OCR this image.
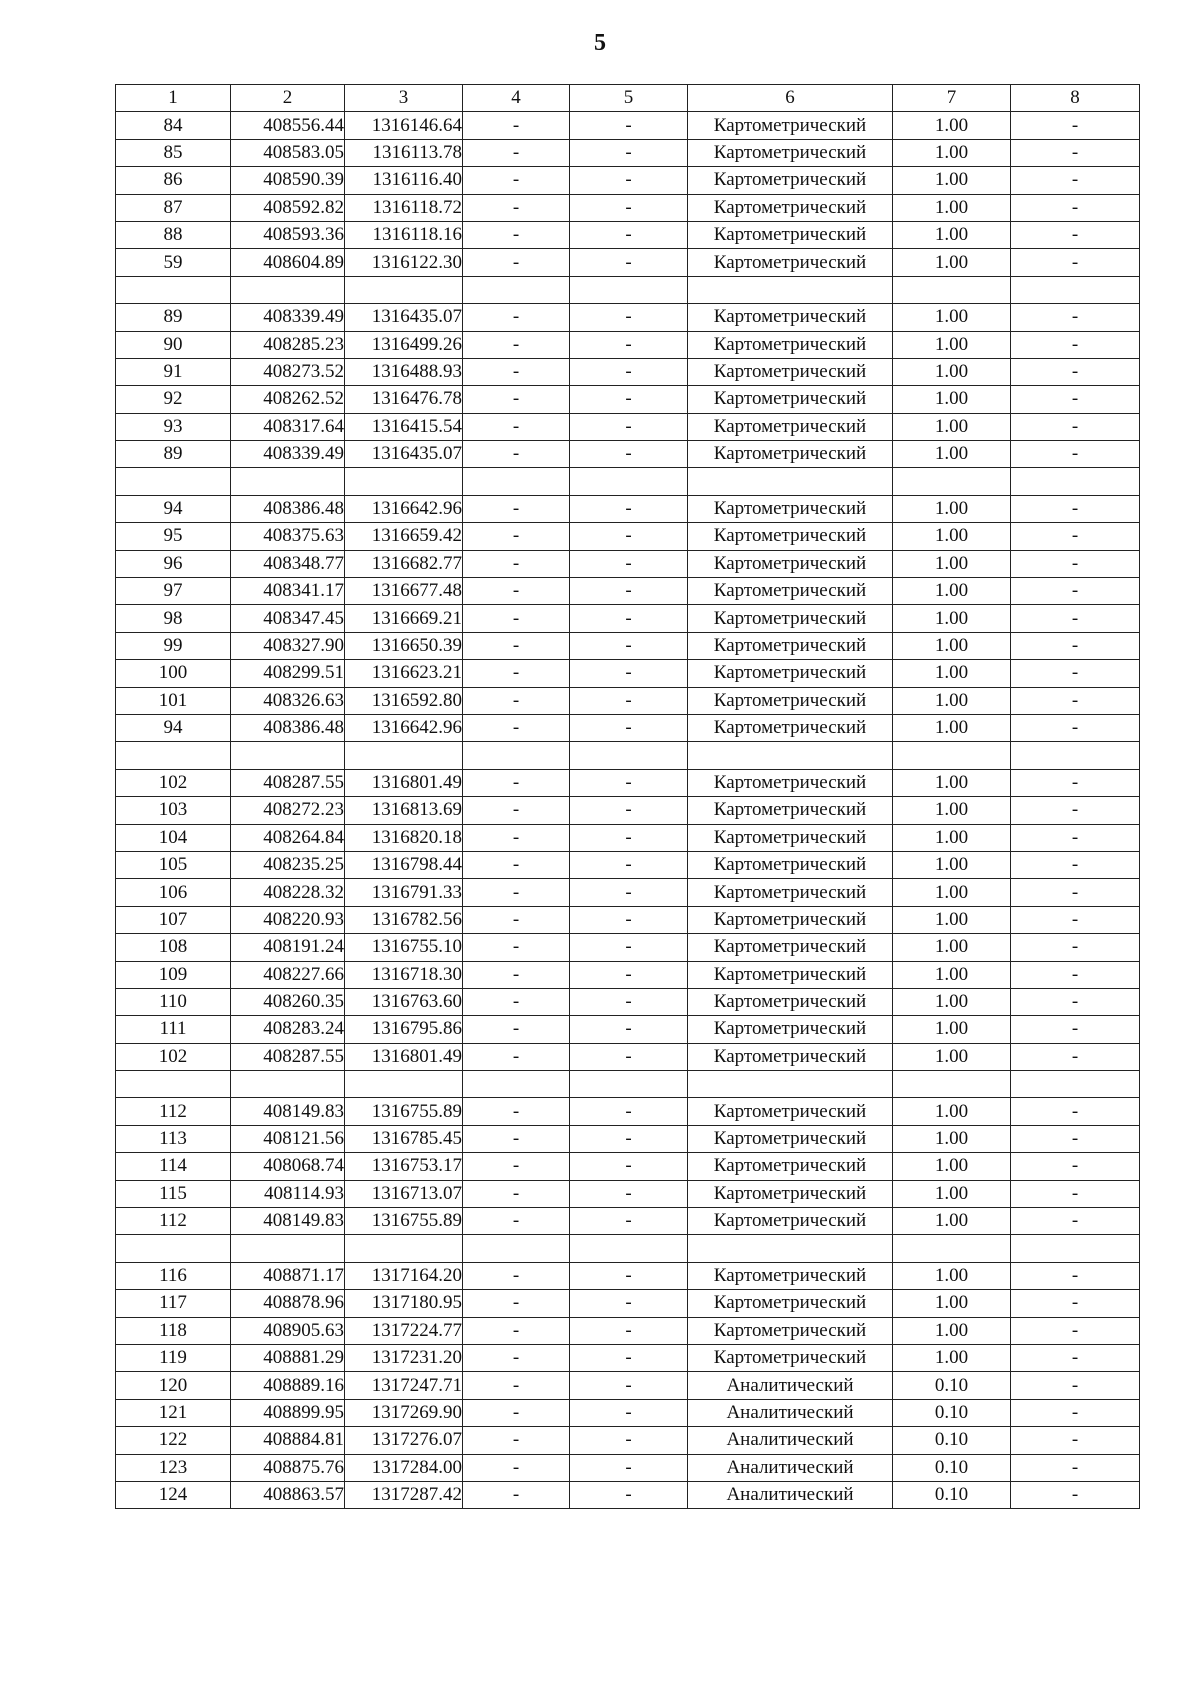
5
1	2	3	4	5	6	7	8
84	408556.44	1316146.64	-	-	Картометрический	1.00	-
85	408583.05	1316113.78	-	-	Картометрический	1.00	-
86	408590.39	1316116.40	-	-	Картометрический	1.00	-
87	408592.82	1316118.72	-	-	Картометрический	1.00	-
88	408593.36	1316118.16	-	-	Картометрический	1.00	-
59	408604.89	1316122.30	-	-	Картометрический	1.00	-

89	408339.49	1316435.07	-	-	Картометрический	1.00	-
90	408285.23	1316499.26	-	-	Картометрический	1.00	-
91	408273.52	1316488.93	-	-	Картометрический	1.00	-
92	408262.52	1316476.78	-	-	Картометрический	1.00	-
93	408317.64	1316415.54	-	-	Картометрический	1.00	-
89	408339.49	1316435.07	-	-	Картометрический	1.00	-

94	408386.48	1316642.96	-	-	Картометрический	1.00	-
95	408375.63	1316659.42	-	-	Картометрический	1.00	-
96	408348.77	1316682.77	-	-	Картометрический	1.00	-
97	408341.17	1316677.48	-	-	Картометрический	1.00	-
98	408347.45	1316669.21	-	-	Картометрический	1.00	-
99	408327.90	1316650.39	-	-	Картометрический	1.00	-
100	408299.51	1316623.21	-	-	Картометрический	1.00	-
101	408326.63	1316592.80	-	-	Картометрический	1.00	-
94	408386.48	1316642.96	-	-	Картометрический	1.00	-

102	408287.55	1316801.49	-	-	Картометрический	1.00	-
103	408272.23	1316813.69	-	-	Картометрический	1.00	-
104	408264.84	1316820.18	-	-	Картометрический	1.00	-
105	408235.25	1316798.44	-	-	Картометрический	1.00	-
106	408228.32	1316791.33	-	-	Картометрический	1.00	-
107	408220.93	1316782.56	-	-	Картометрический	1.00	-
108	408191.24	1316755.10	-	-	Картометрический	1.00	-
109	408227.66	1316718.30	-	-	Картометрический	1.00	-
110	408260.35	1316763.60	-	-	Картометрический	1.00	-
111	408283.24	1316795.86	-	-	Картометрический	1.00	-
102	408287.55	1316801.49	-	-	Картометрический	1.00	-

112	408149.83	1316755.89	-	-	Картометрический	1.00	-
113	408121.56	1316785.45	-	-	Картометрический	1.00	-
114	408068.74	1316753.17	-	-	Картометрический	1.00	-
115	408114.93	1316713.07	-	-	Картометрический	1.00	-
112	408149.83	1316755.89	-	-	Картометрический	1.00	-

116	408871.17	1317164.20	-	-	Картометрический	1.00	-
117	408878.96	1317180.95	-	-	Картометрический	1.00	-
118	408905.63	1317224.77	-	-	Картометрический	1.00	-
119	408881.29	1317231.20	-	-	Картометрический	1.00	-
120	408889.16	1317247.71	-	-	Аналитический	0.10	-
121	408899.95	1317269.90	-	-	Аналитический	0.10	-
122	408884.81	1317276.07	-	-	Аналитический	0.10	-
123	408875.76	1317284.00	-	-	Аналитический	0.10	-
124	408863.57	1317287.42	-	-	Аналитический	0.10	-
